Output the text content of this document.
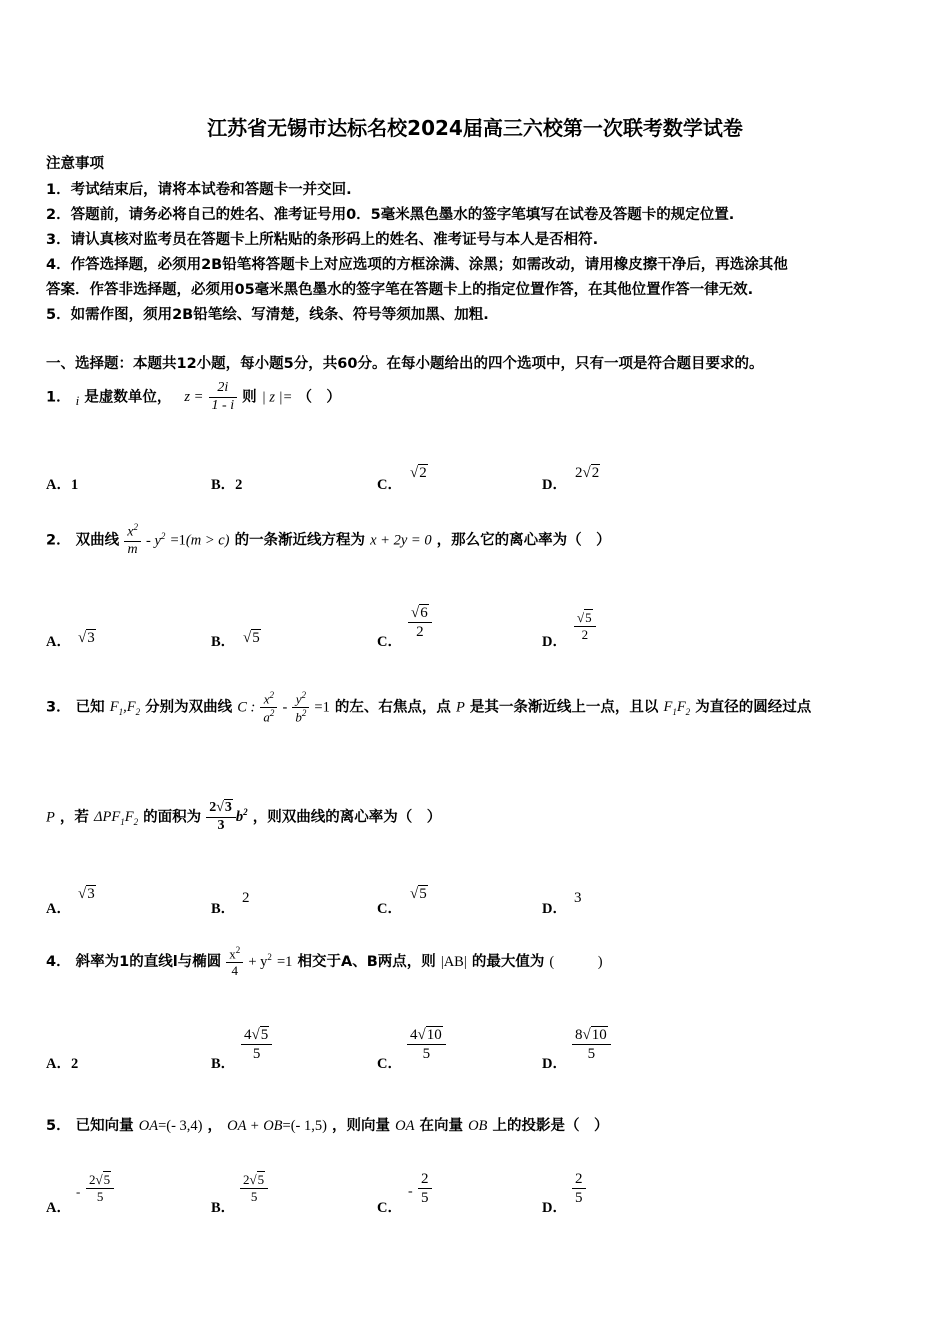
江苏省无锡市达标名校2024届高三六校第一次联考数学试卷
注意事项
1．考试结束后，请将本试卷和答题卡一并交回.
2．答题前，请务必将自己的姓名、准考证号用0．5毫米黑色墨水的签字笔填写在试卷及答题卡的规定位置.
3．请认真核对监考员在答题卡上所粘贴的条形码上的姓名、准考证号与本人是否相符.
4．作答选择题，必须用2B铅笔将答题卡上对应选项的方框涂满、涂黑；如需改动，请用橡皮擦干净后，再选涂其他
答案．作答非选择题，必须用05毫米黑色墨水的签字笔在答题卡上的指定位置作答，在其他位置作答一律无效.
5．如需作图，须用2B铅笔绘、写清楚，线条、符号等须加黑、加粗.
一、选择题：本题共12小题，每小题5分，共60分。在每小题给出的四个选项中，只有一项是符合题目要求的。
1． i 是虚数单位， $z = \frac{2i}{1 - i}$ 则 | z |= （　）
A．1	B．2	C．
√2
D．
2√2
2． 双曲线 $\frac{x^2}{m} - y^2 =1(m > c)$ 的一条渐近线方程为 x + 2y = 0 ，那么它的离心率为（　）
A． √3	B． √5	C．
$\frac{√6}{2}$
D． $\frac{√5}{2}$
3． 已知 $F_1,F_2$ 分别为双曲线 C : $\frac{x^2}{a^2} - \frac{y^2}{b^2} =1$ 的左、右焦点，点 P 是其一条渐近线上一点，且以 $F_1F_2$ 为直径的圆经过点
P ，若 $\Delta PF_1F_2$ 的面积为 $\frac{2√3}{3} b^2$ ，则双曲线的离心率为（　）
A．
√3
B．
2
C．
√5
D．
3
4． 斜率为1的直线l与椭圆 $\frac{x^2}{4} + y^2 =1$ 相交于A、B两点，则 |AB| 的最大值为 (　　　)
A．2	B．
$\frac{4√5}{5}$
C．
$\frac{4√10}{5}$
D．
$\frac{8√10}{5}$
5． 已知向量 OA=(- 3,4) ， OA + OB=(- 1,5) ，则向量 OA 在向量 OB 上的投影是（　）
A．
- $\frac{2√5}{5}$
B．
$\frac{2√5}{5}$
C．
- $\frac{2}{5}$
D．
$\frac{2}{5}$
